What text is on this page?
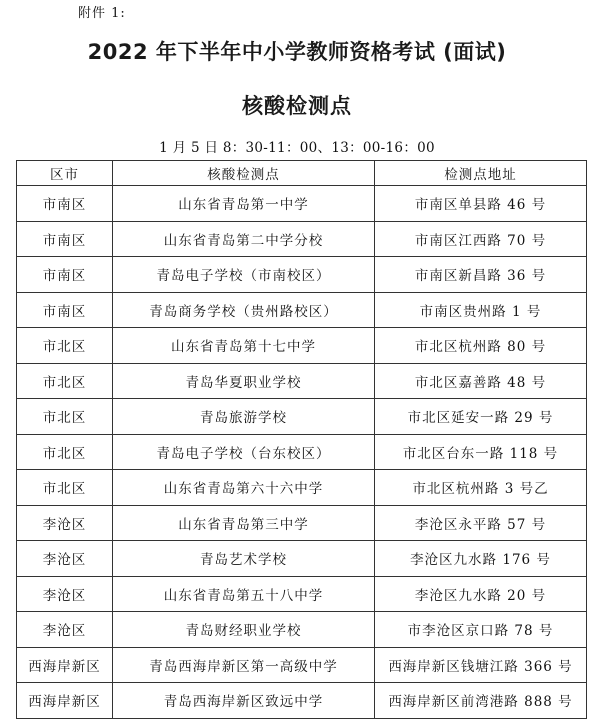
附件 1:
2022 年下半年中小学教师资格考试 (面试)
核酸检测点
1 月 5 日 8：30-11：00、13：00-16：00
区市	核酸检测点	检测点地址
市南区	山东省青岛第一中学	市南区单县路 46 号
市南区	山东省青岛第二中学分校	市南区江西路 70 号
市南区	青岛电子学校（市南校区）	市南区新昌路 36 号
市南区	青岛商务学校（贵州路校区）	市南区贵州路 1 号
市北区	山东省青岛第十七中学	市北区杭州路 80 号
市北区	青岛华夏职业学校	市北区嘉善路 48 号
市北区	青岛旅游学校	市北区延安一路 29 号
市北区	青岛电子学校（台东校区）	市北区台东一路 118 号
市北区	山东省青岛第六十六中学	市北区杭州路 3 号乙
李沧区	山东省青岛第三中学	李沧区永平路 57 号
李沧区	青岛艺术学校	李沧区九水路 176 号
李沧区	山东省青岛第五十八中学	李沧区九水路 20 号
李沧区	青岛财经职业学校	市李沧区京口路 78 号
西海岸新区	青岛西海岸新区第一高级中学	西海岸新区钱塘江路 366 号
西海岸新区	青岛西海岸新区致远中学	西海岸新区前湾港路 888 号
